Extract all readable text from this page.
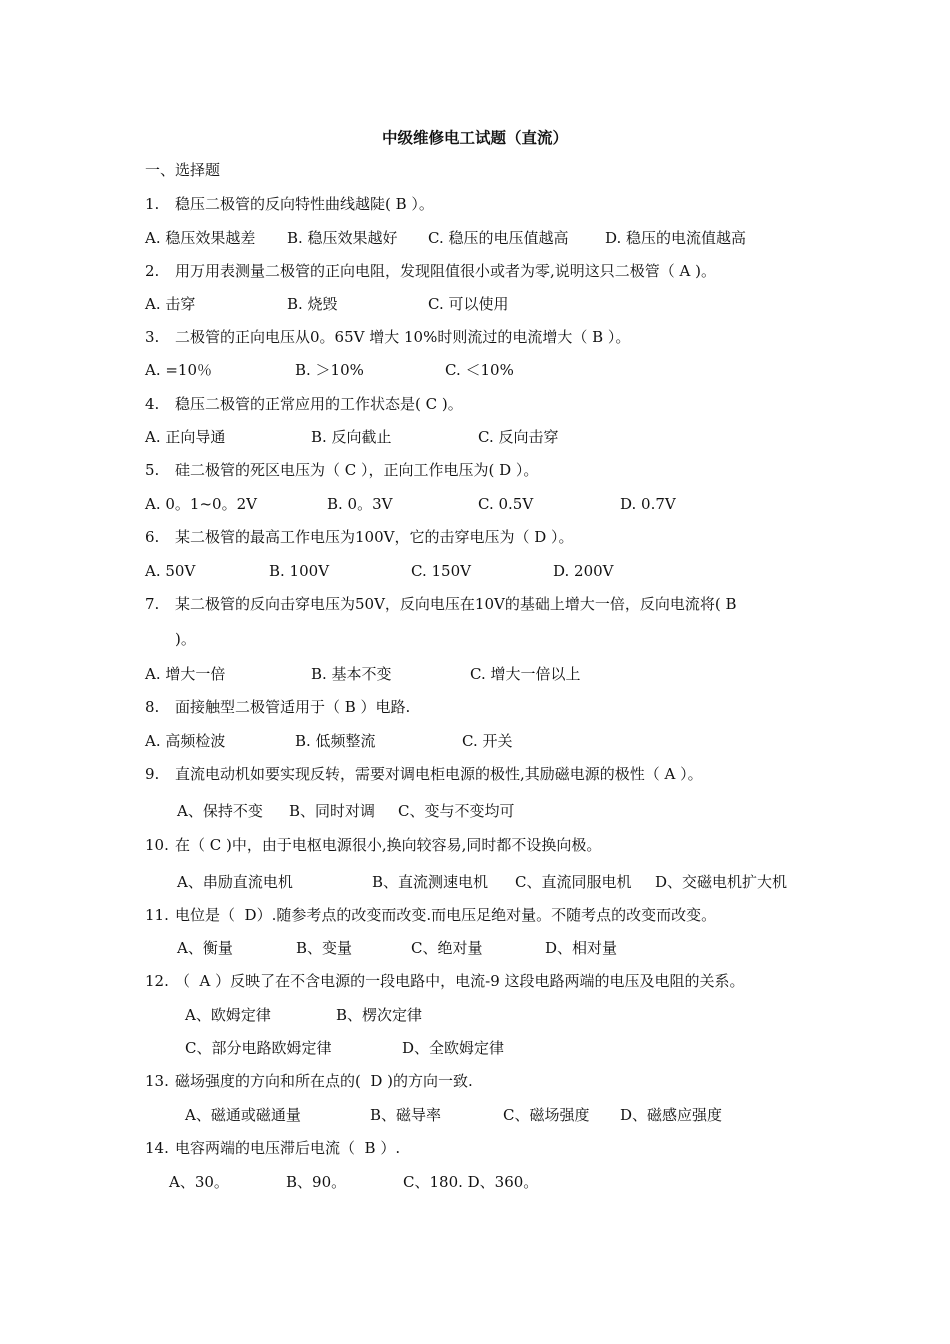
中级维修电工试题（直流）
一、选择题
1. 稳压二极管的反向特性曲线越陡( B ）。
A. 稳压效果越差 B. 稳压效果越好 C. 稳压的电压值越高 D. 稳压的电流值越高
2. 用万用表测量二极管的正向电阻，发现阻值很小或者为零,说明这只二极管（ A )。
A. 击穿	B. 烧毁	C. 可以使用
3. 二极管的正向电压从0。65V 增大 10%时则流过的电流增大（ B ）。
A. =10％	B. ＞10%	C. ＜10%
4. 稳压二极管的正常应用的工作状态是( C )。
A. 正向导通	B. 反向截止	C. 反向击穿
5. 硅二极管的死区电压为（ C ），正向工作电压为( D ）。
A. 0。1~0。2V	B. 0。3V	C. 0.5V	D. 0.7V
6. 某二极管的最高工作电压为100V，它的击穿电压为（ D ）。
A. 50V	B. 100V	C. 150V	D. 200V
7. 某二极管的反向击穿电压为50V，反向电压在10V的基础上增大一倍，反向电流将( B
)。
A. 增大一倍	B. 基本不变	C. 增大一倍以上
8. 面接触型二极管适用于（ B ）电路.
A. 高频检波	B. 低频整流	C. 开关
9. 直流电动机如要实现反转，需要对调电柜电源的极性,其励磁电源的极性（ A ）。
A、保持不变 B、同时对调 C、变与不变均可
10. 在（ C )中，由于电枢电源很小,换向较容易,同时都不设换向极。
A、串励直流电机	B、直流测速电机 C、直流同服电机 D、交磁电机扩大机
11. 电位是（  D）.随参考点的改变而改变.而电压足绝对量。不随考点的改变而改变。
A、衡量	B、变量	C、绝对量	D、相对量
12. （  A ）反映了在不含电源的一段电路中，电流-9 这段电路两端的电压及电阻的关系。
A、欧姆定律	B、楞次定律
C、部分电路欧姆定律	D、全欧姆定律
13. 磁场强度的方向和所在点的(  D )的方向一致.
A、磁通或磁通量	B、磁导率	C、磁场强度 D、磁感应强度
14. 电容两端的电压滞后电流（  B ）.
A、30。	B、90。	C、180. D、360。
